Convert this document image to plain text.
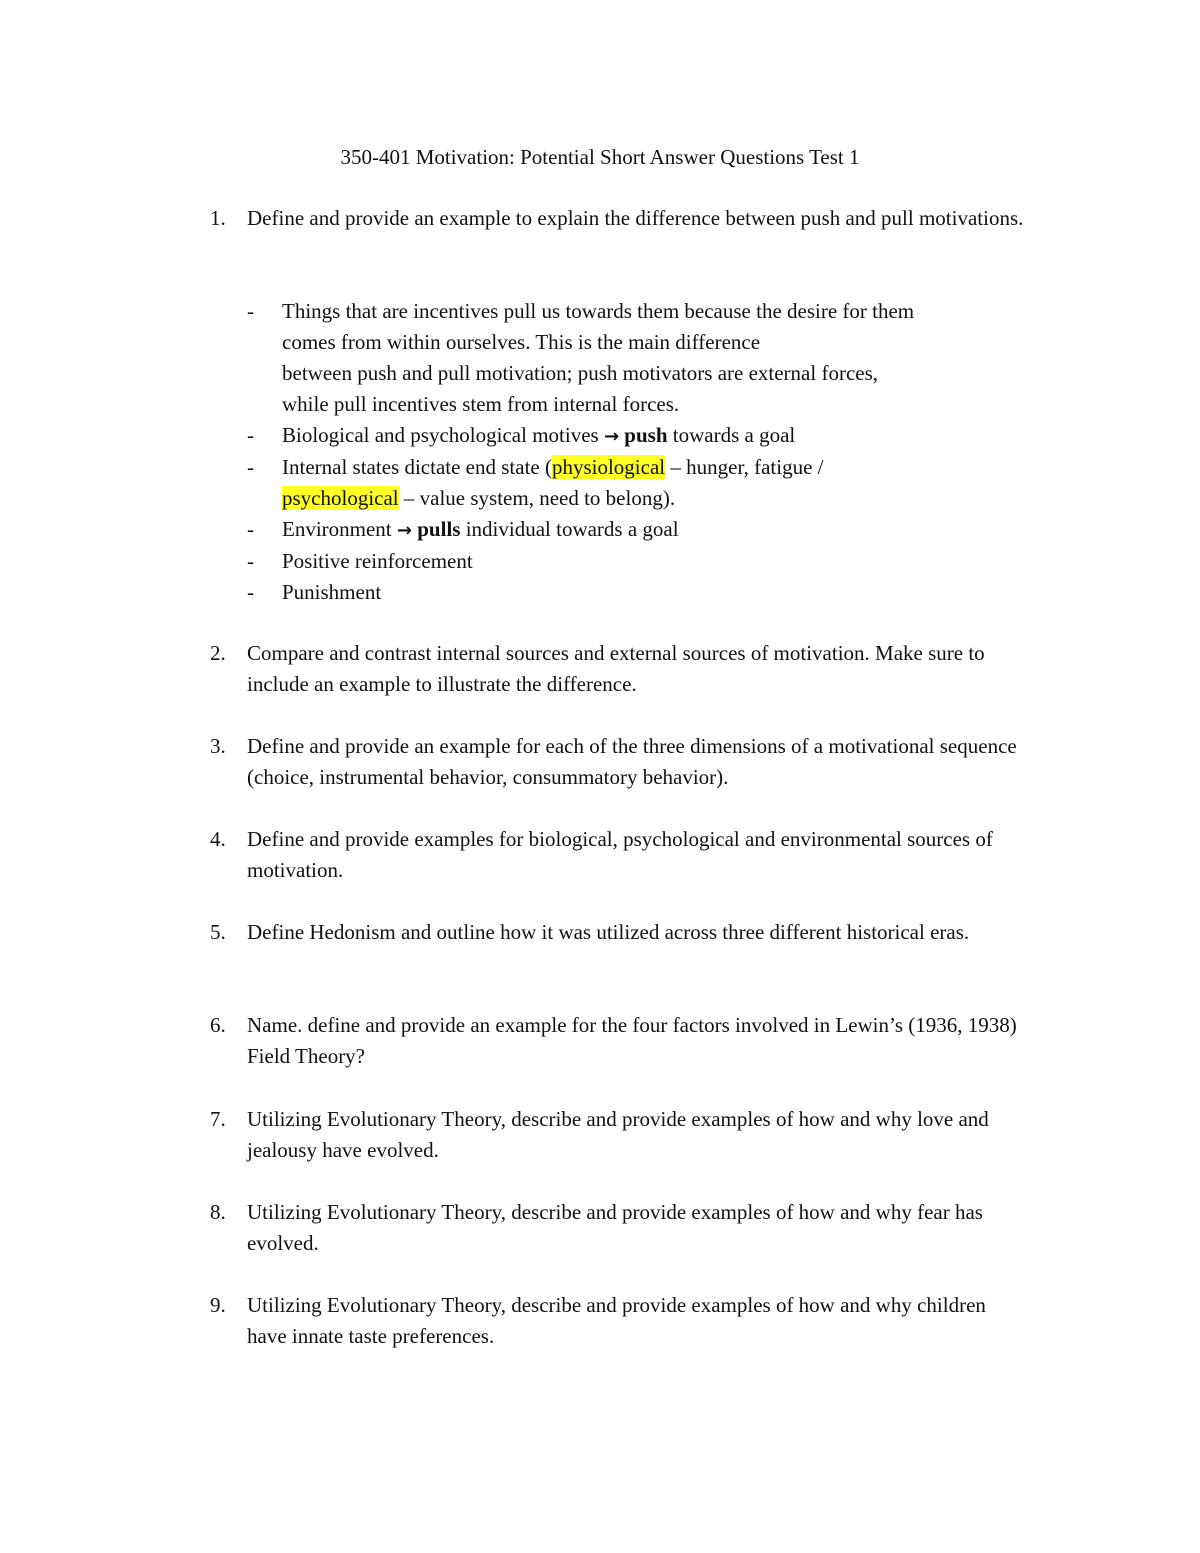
350-401 Motivation: Potential Short Answer Questions Test 1
1.	Define and provide an example to explain the difference between push and pull motivations.
- Things that are incentives pull us towards them because the desire for them
comes from within ourselves. This is the main difference
between push and pull motivation; push motivators are external forces,
while pull incentives stem from internal forces.
- Biological and psychological motives → push towards a goal
- Internal states dictate end state (physiological – hunger, fatigue /
psychological – value system, need to belong).
- Environment → pulls individual towards a goal
- Positive reinforcement
- Punishment
2.	Compare and contrast internal sources and external sources of motivation. Make sure to include an example to illustrate the difference.
3.	Define and provide an example for each of the three dimensions of a motivational sequence (choice, instrumental behavior, consummatory behavior).
4.	Define and provide examples for biological, psychological and environmental sources of motivation.
5.	Define Hedonism and outline how it was utilized across three different historical eras.
6.	Name. define and provide an example for the four factors involved in Lewin’s (1936, 1938) Field Theory?
7.	Utilizing Evolutionary Theory, describe and provide examples of how and why love and jealousy have evolved.
8.	Utilizing Evolutionary Theory, describe and provide examples of how and why fear has evolved.
9.	Utilizing Evolutionary Theory, describe and provide examples of how and why children have innate taste preferences.
